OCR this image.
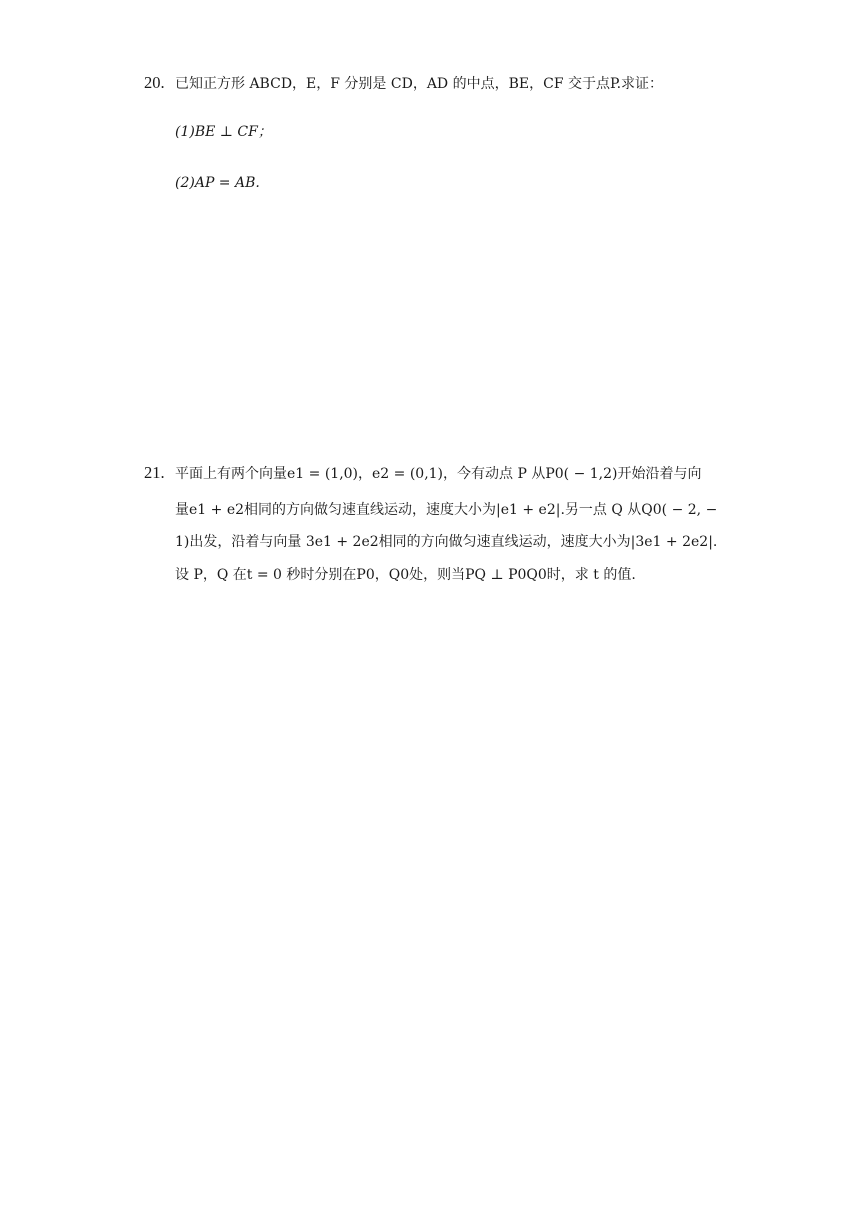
20. 已知正方形 ABCD，E，F 分别是 CD，AD 的中点，BE，CF 交于点P.求证：
(1)BE ⊥ CF；
(2)AP = AB.
21. 平面上有两个向量e1 = (1,0)，e2 = (0,1)，今有动点 P 从P0( − 1,2)开始沿着与向
量e1 + e2相同的方向做匀速直线运动，速度大小为|e1 + e2|.另一点 Q 从Q0( − 2, −
1)出发，沿着与向量 3e1 + 2e2相同的方向做匀速直线运动，速度大小为|3e1 + 2e2|.
设 P，Q 在t = 0 秒时分别在P0，Q0处，则当PQ ⊥ P0Q0时，求 t 的值.
